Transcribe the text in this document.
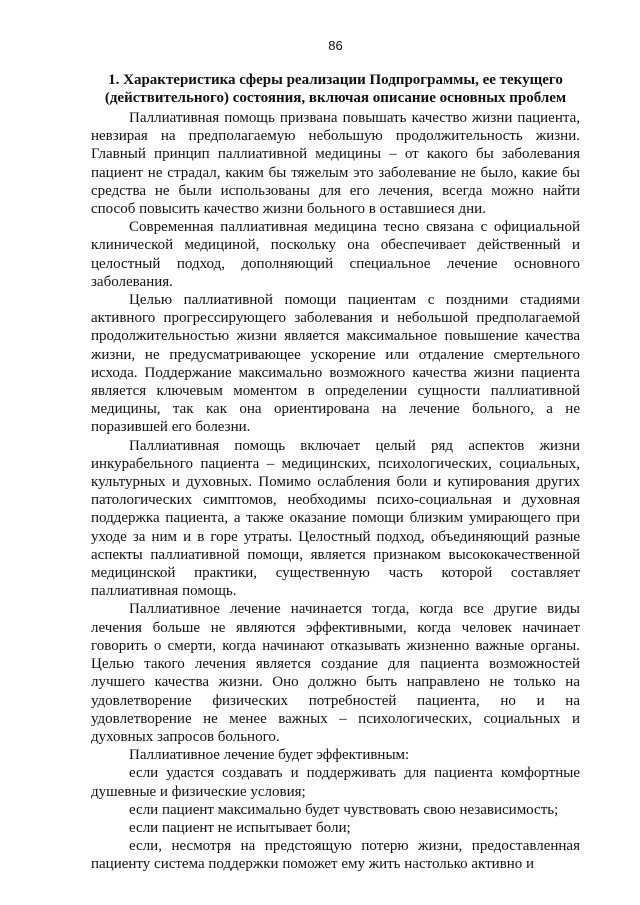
86
1. Характеристика сферы реализации Подпрограммы, ее текущего (действительного) состояния, включая описание основных проблем

Паллиативная помощь призвана повышать качество жизни пациента, невзирая на предполагаемую небольшую продолжительность жизни. Главный принцип паллиативной медицины – от какого бы заболевания пациент не страдал, каким бы тяжелым это заболевание не было, какие бы средства не были использованы для его лечения, всегда можно найти способ повысить качество жизни больного в оставшиеся дни.

Современная паллиативная медицина тесно связана с официальной клинической медициной, поскольку она обеспечивает действенный и целостный подход, дополняющий специальное лечение основного заболевания.

Целью паллиативной помощи пациентам с поздними стадиями активного прогрессирующего заболевания и небольшой предполагаемой продолжительностью жизни является максимальное повышение качества жизни, не предусматривающее ускорение или отдаление смертельного исхода. Поддержание максимально возможного качества жизни пациента является ключевым моментом в определении сущности паллиативной медицины, так как она ориентирована на лечение больного, а не поразившей его болезни.

Паллиативная помощь включает целый ряд аспектов жизни инкурабельного пациента – медицинских, психологических, социальных, культурных и духовных. Помимо ослабления боли и купирования других патологических симптомов, необходимы психо-социальная и духовная поддержка пациента, а также оказание помощи близким умирающего при уходе за ним и в горе утраты. Целостный подход, объединяющий разные аспекты паллиативной помощи, является признаком высококачественной медицинской практики, существенную часть которой составляет паллиативная помощь.

Паллиативное лечение начинается тогда, когда все другие виды лечения больше не являются эффективными, когда человек начинает говорить о смерти, когда начинают отказывать жизненно важные органы. Целью такого лечения является создание для пациента возможностей лучшего качества жизни. Оно должно быть направлено не только на удовлетворение физических потребностей пациента, но и на удовлетворение не менее важных – психологических, социальных и духовных запросов больного.

Паллиативное лечение будет эффективным:

если удастся создавать и поддерживать для пациента комфортные душевные и физические условия;

если пациент максимально будет чувствовать свою независимость;

если пациент не испытывает боли;

если, несмотря на предстоящую потерю жизни, предоставленная пациенту система поддержки поможет ему жить настолько активно и
